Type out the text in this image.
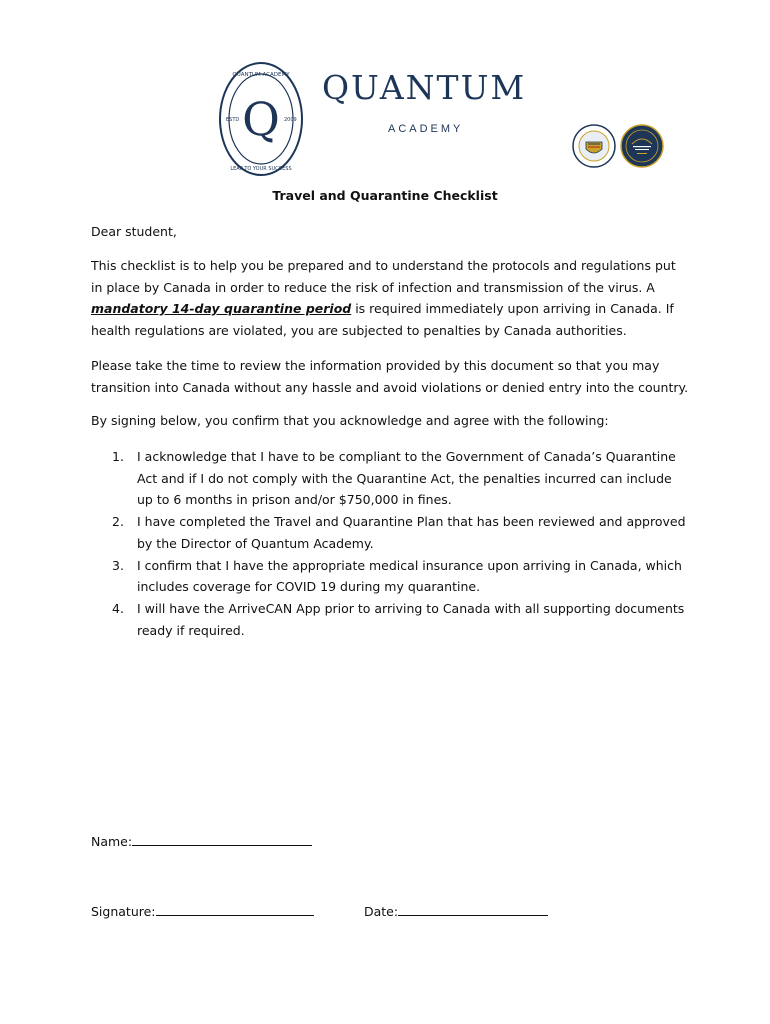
Q
QUANTUM ACADEMY
LEAP TO YOUR SUCCESS
ESTD	2009
QUANTUM
ACADEMY
Travel and Quarantine Checklist
Dear student,
This checklist is to help you be prepared and to understand the protocols and regulations put in place by Canada in order to reduce the risk of infection and transmission of the virus. A mandatory 14-day quarantine period is required immediately upon arriving in Canada. If health regulations are violated, you are subjected to penalties by Canada authorities.
Please take the time to review the information provided by this document so that you may transition into Canada without any hassle and avoid violations or denied entry into the country.
By signing below, you confirm that you acknowledge and agree with the following:
1. I acknowledge that I have to be compliant to the Government of Canada’s Quarantine Act and if I do not comply with the Quarantine Act, the penalties incurred can include up to 6 months in prison and/or $750,000 in fines.
2. I have completed the Travel and Quarantine Plan that has been reviewed and approved by the Director of Quantum Academy.
3. I confirm that I have the appropriate medical insurance upon arriving in Canada, which includes coverage for COVID 19 during my quarantine.
4. I will have the ArriveCAN App prior to arriving to Canada with all supporting documents ready if required.
Name:
Signature:	Date:
